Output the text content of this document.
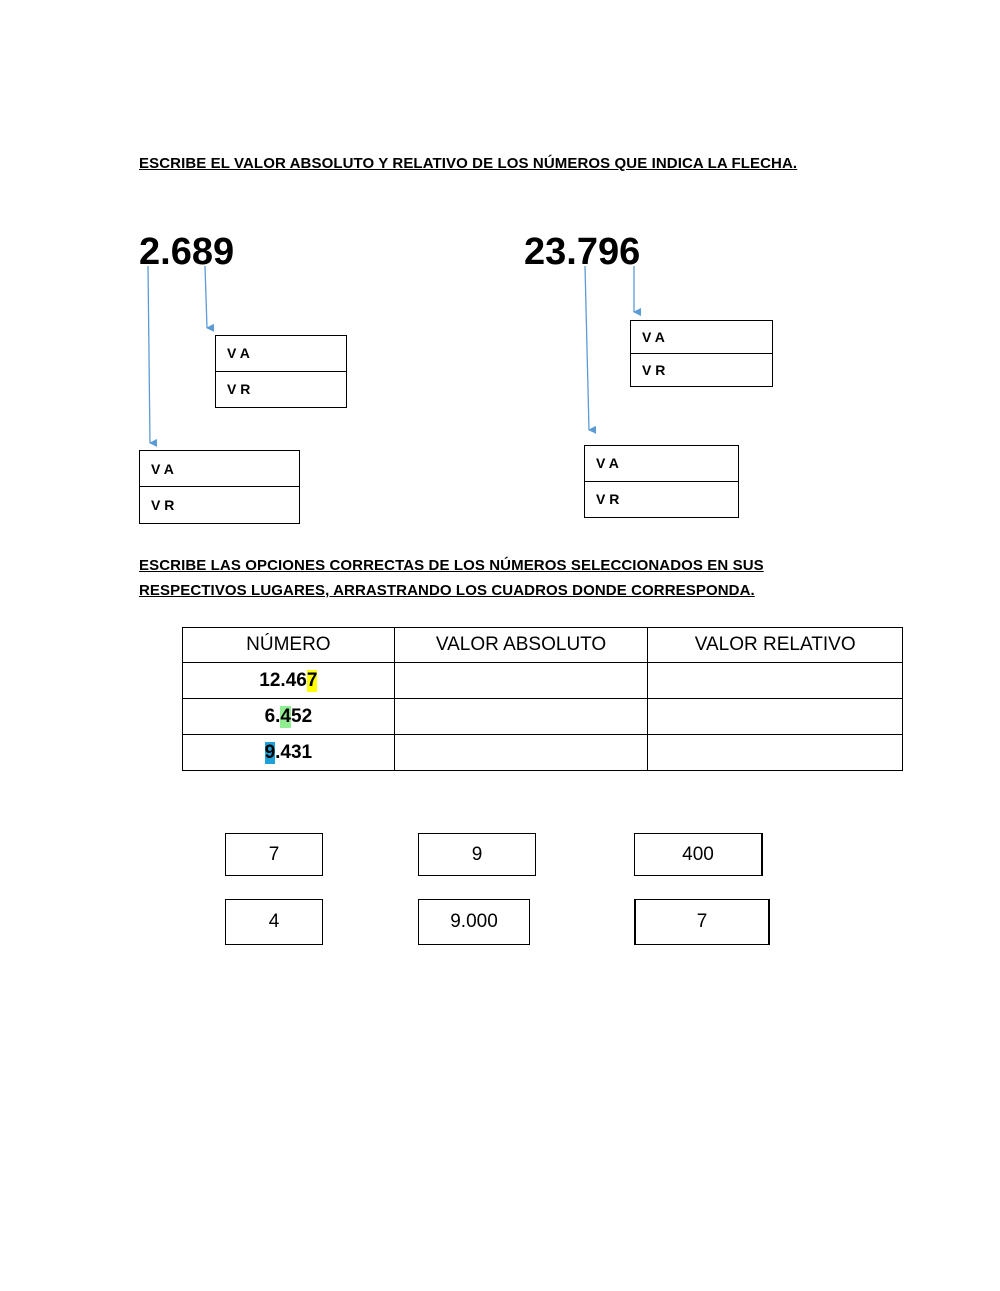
ESCRIBE EL VALOR ABSOLUTO Y RELATIVO DE LOS NÚMEROS QUE INDICA LA FLECHA.
2.689	23.796
V A
V R
V A
V R
V A
V R
V A
V R
ESCRIBE LAS OPCIONES CORRECTAS DE LOS NÚMEROS SELECCIONADOS EN SUS RESPECTIVOS LUGARES, ARRASTRANDO LOS CUADROS DONDE CORRESPONDA.
NÚMERO	VALOR ABSOLUTO	VALOR RELATIVO
12.467		
6.452		
9.431		
7	9	400
4	9.000	7
